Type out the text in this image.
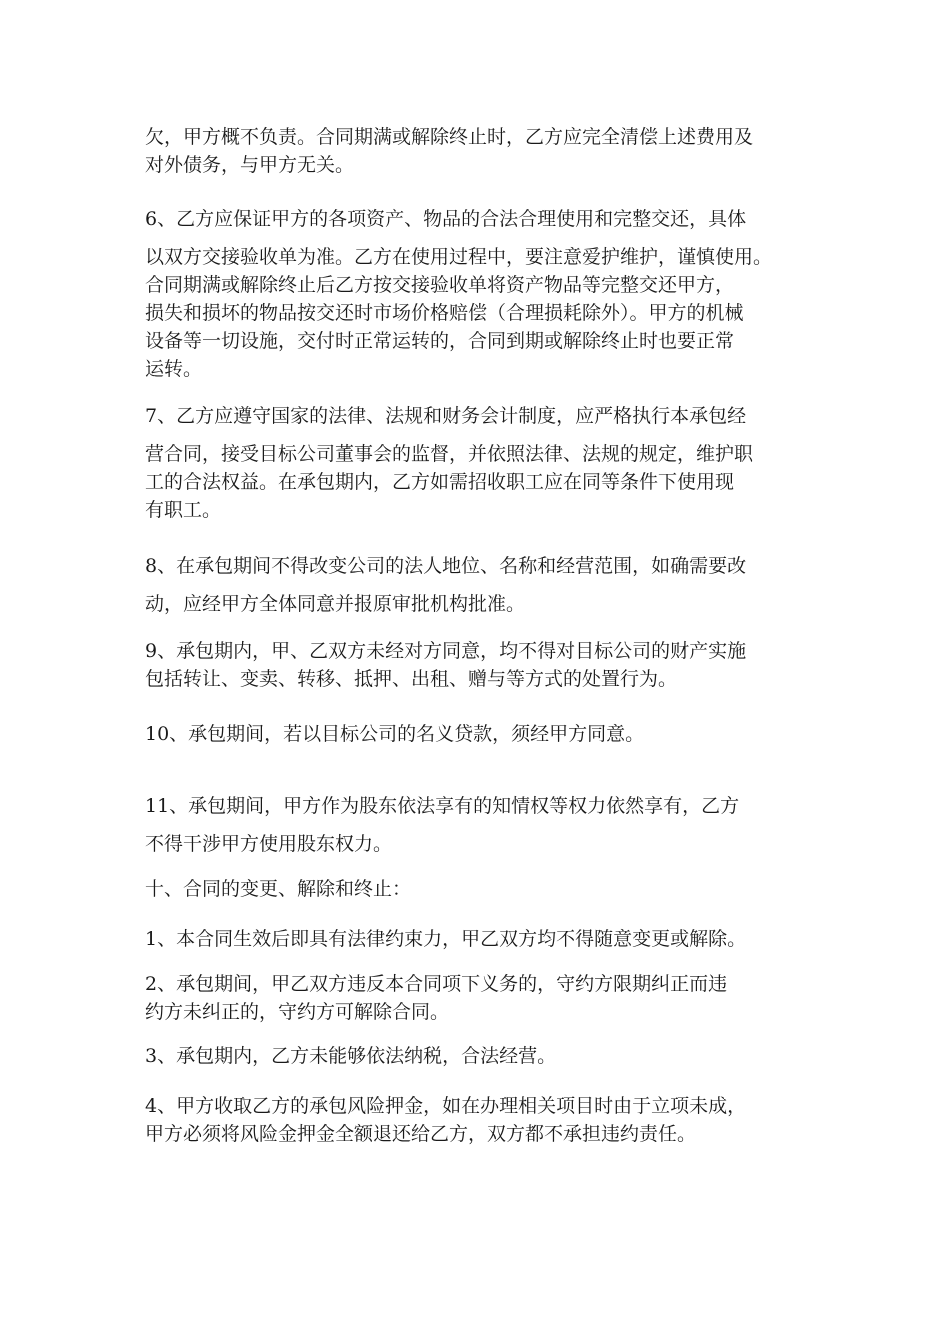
欠，甲方概不负责。合同期满或解除终止时，乙方应完全清偿上述费用及
对外债务，与甲方无关。

6、乙方应保证甲方的各项资产、物品的合法合理使用和完整交还，具体
以双方交接验收单为准。乙方在使用过程中，要注意爱护维护，谨慎使用。
合同期满或解除终止后乙方按交接验收单将资产物品等完整交还甲方，
损失和损坏的物品按交还时市场价格赔偿（合理损耗除外）。甲方的机械
设备等一切设施，交付时正常运转的，合同到期或解除终止时也要正常
运转。

7、乙方应遵守国家的法律、法规和财务会计制度，应严格执行本承包经
营合同，接受目标公司董事会的监督，并依照法律、法规的规定，维护职
工的合法权益。在承包期内，乙方如需招收职工应在同等条件下使用现
有职工。

8、在承包期间不得改变公司的法人地位、名称和经营范围，如确需要改
动，应经甲方全体同意并报原审批机构批准。

9、承包期内，甲、乙双方未经对方同意，均不得对目标公司的财产实施
包括转让、变卖、转移、抵押、出租、赠与等方式的处置行为。

10、承包期间，若以目标公司的名义贷款，须经甲方同意。

11、承包期间，甲方作为股东依法享有的知情权等权力依然享有，乙方
不得干涉甲方使用股东权力。

十、合同的变更、解除和终止：

1、本合同生效后即具有法律约束力，甲乙双方均不得随意变更或解除。

2、承包期间，甲乙双方违反本合同项下义务的，守约方限期纠正而违
约方未纠正的，守约方可解除合同。

3、承包期内，乙方未能够依法纳税，合法经营。

4、甲方收取乙方的承包风险押金，如在办理相关项目时由于立项未成，
甲方必须将风险金押金全额退还给乙方，双方都不承担违约责任。
